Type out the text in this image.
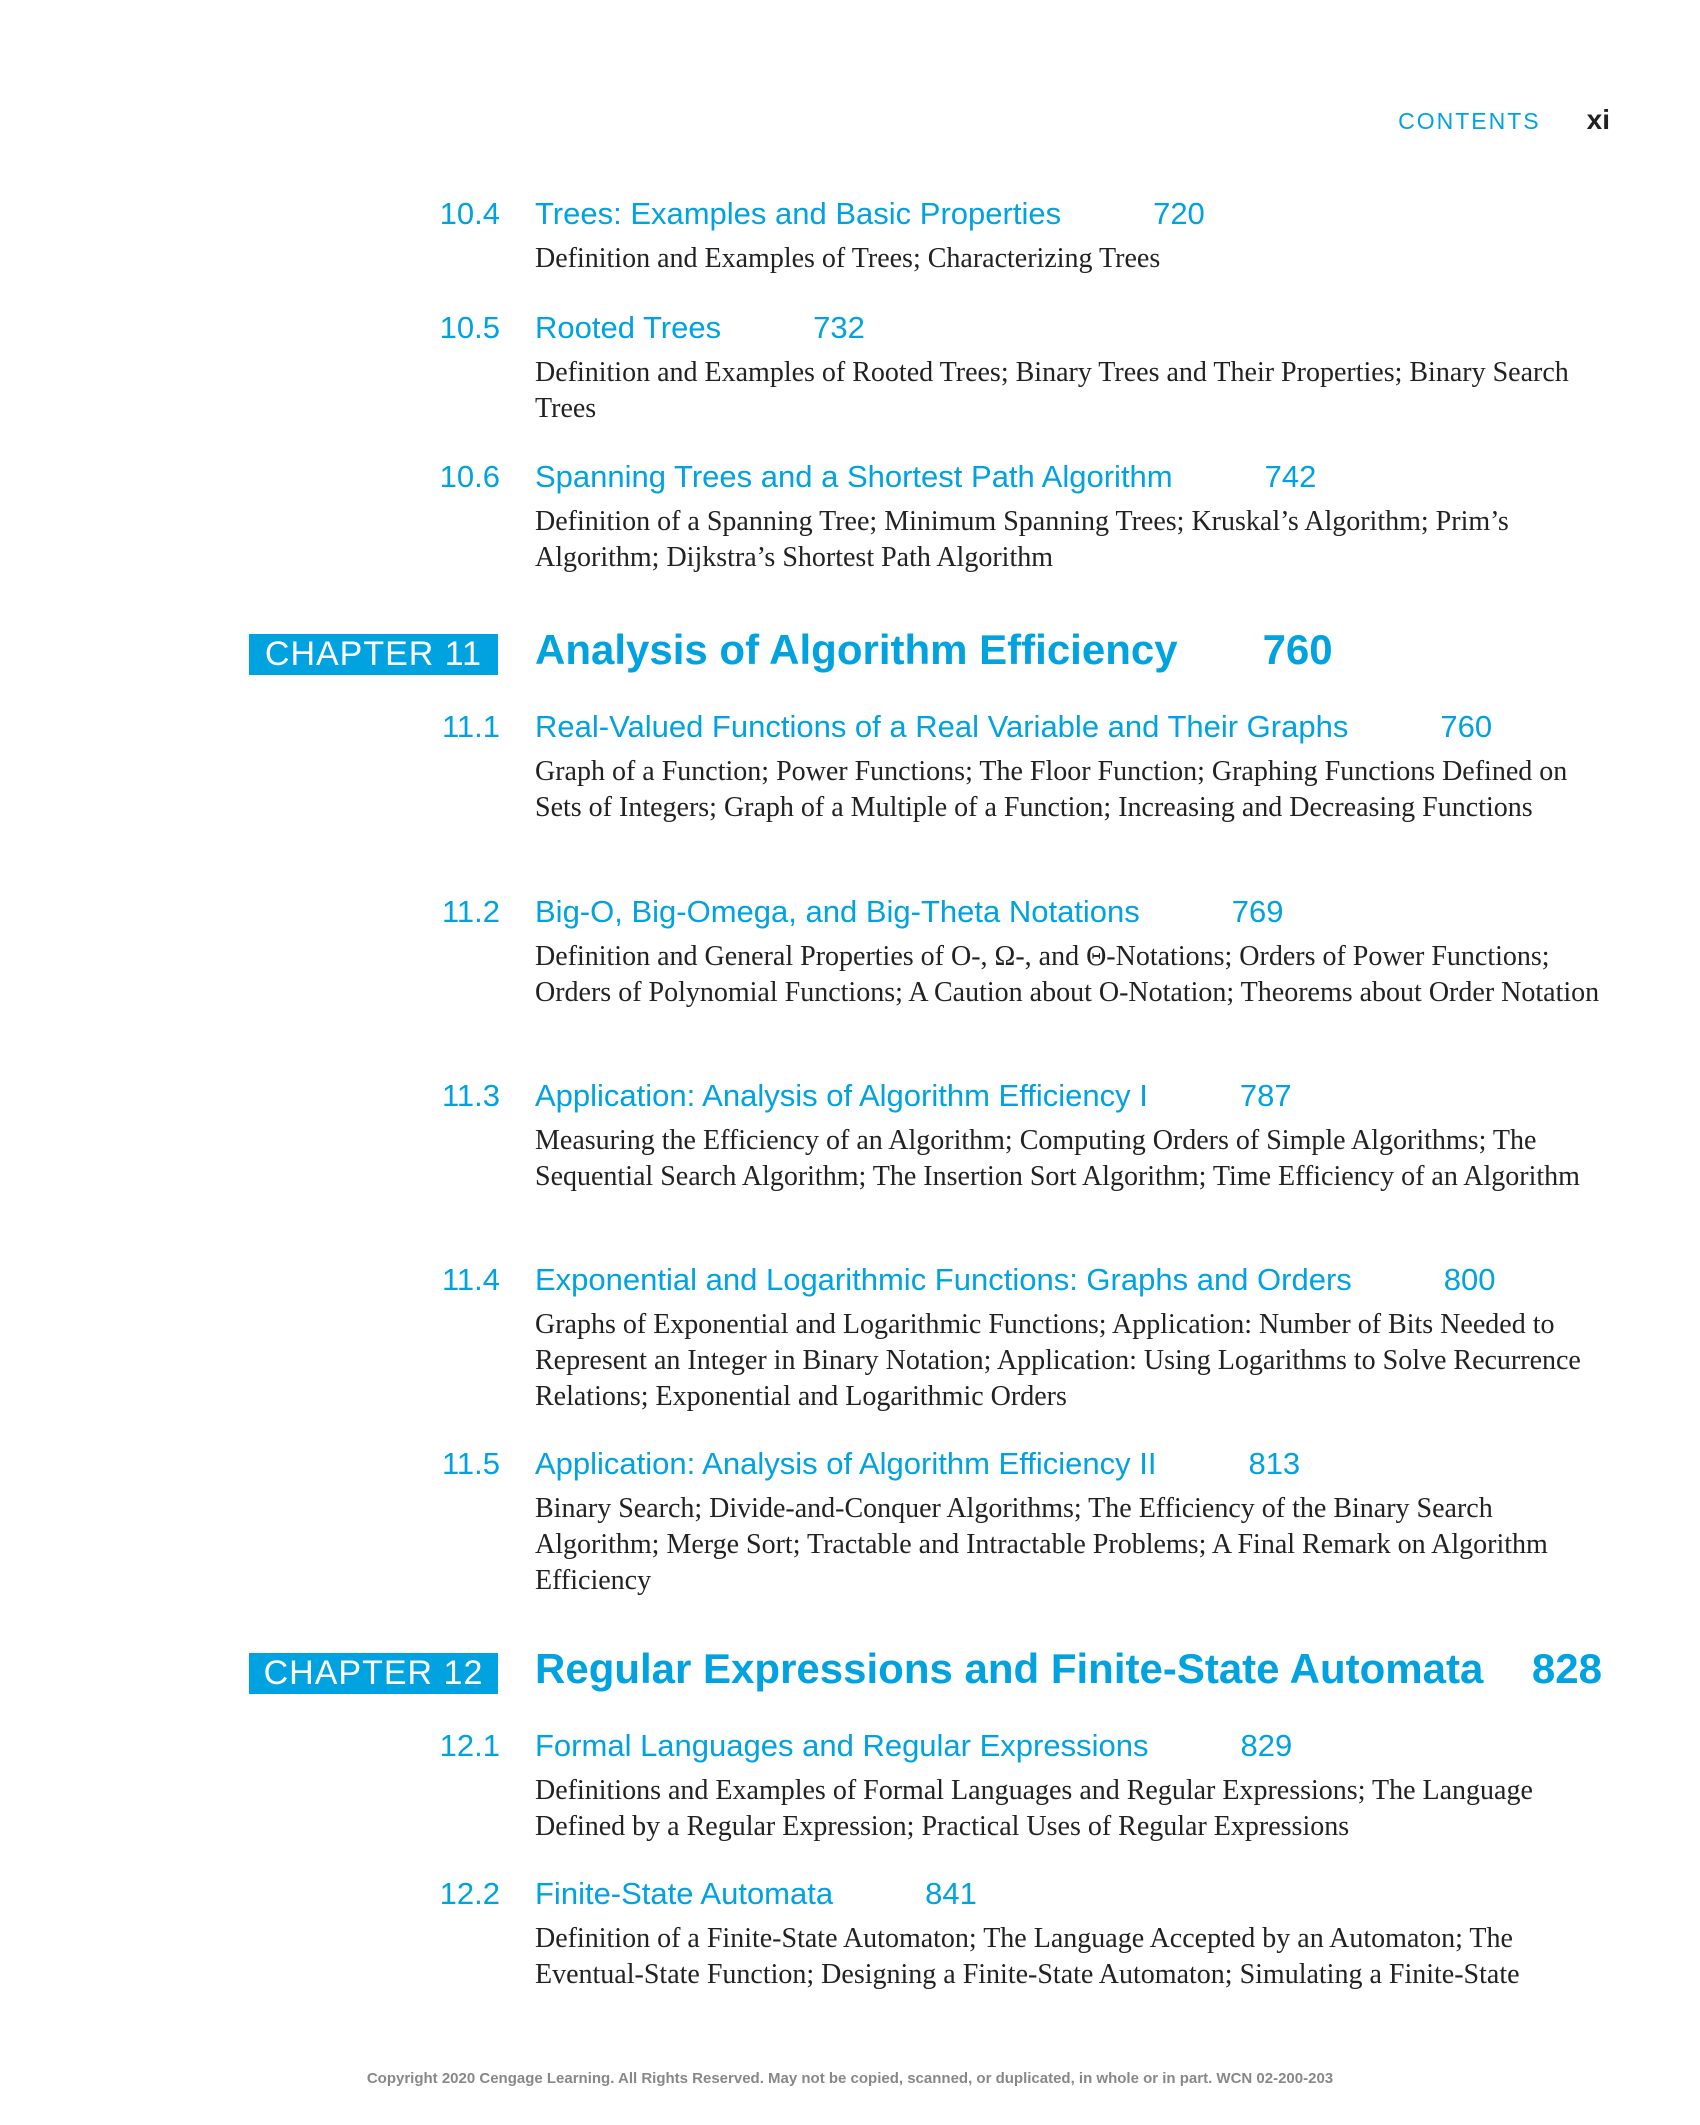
CONTENTS xi
10.4 Trees: Examples and Basic Properties	720
Definition and Examples of Trees; Characterizing Trees
10.5 Rooted Trees	732
Definition and Examples of Rooted Trees; Binary Trees and Their Properties; Binary Search Trees
10.6 Spanning Trees and a Shortest Path Algorithm	742
Definition of a Spanning Tree; Minimum Spanning Trees; Kruskal’s Algorithm; Prim’s Algorithm; Dijkstra’s Shortest Path Algorithm
CHAPTER 11	Analysis of Algorithm Efficiency 760
11.1 Real-Valued Functions of a Real Variable and Their Graphs	760
Graph of a Function; Power Functions; The Floor Function; Graphing Functions Defined on Sets of Integers; Graph of a Multiple of a Function; Increasing and Decreasing Functions
11.2 Big-O, Big-Omega, and Big-Theta Notations	769
Definition and General Properties of O-, Ω-, and Θ-Notations; Orders of Power Functions; Orders of Polynomial Functions; A Caution about O-Notation; Theorems about Order Notation
11.3 Application: Analysis of Algorithm Efficiency I	787
Measuring the Efficiency of an Algorithm; Computing Orders of Simple Algorithms; The Sequential Search Algorithm; The Insertion Sort Algorithm; Time Efficiency of an Algorithm
11.4 Exponential and Logarithmic Functions: Graphs and Orders	800
Graphs of Exponential and Logarithmic Functions; Application: Number of Bits Needed to Represent an Integer in Binary Notation; Application: Using Logarithms to Solve Recurrence Relations; Exponential and Logarithmic Orders
11.5 Application: Analysis of Algorithm Efficiency II	813
Binary Search; Divide-and-Conquer Algorithms; The Efficiency of the Binary Search Algorithm; Merge Sort; Tractable and Intractable Problems; A Final Remark on Algorithm Efficiency
CHAPTER 12	Regular Expressions and Finite-State Automata 828
12.1 Formal Languages and Regular Expressions	829
Definitions and Examples of Formal Languages and Regular Expressions; The Language Defined by a Regular Expression; Practical Uses of Regular Expressions
12.2 Finite-State Automata	841
Definition of a Finite-State Automaton; The Language Accepted by an Automaton; The Eventual-State Function; Designing a Finite-State Automaton; Simulating a Finite-State
Copyright 2020 Cengage Learning. All Rights Reserved. May not be copied, scanned, or duplicated, in whole or in part. WCN 02-200-203
